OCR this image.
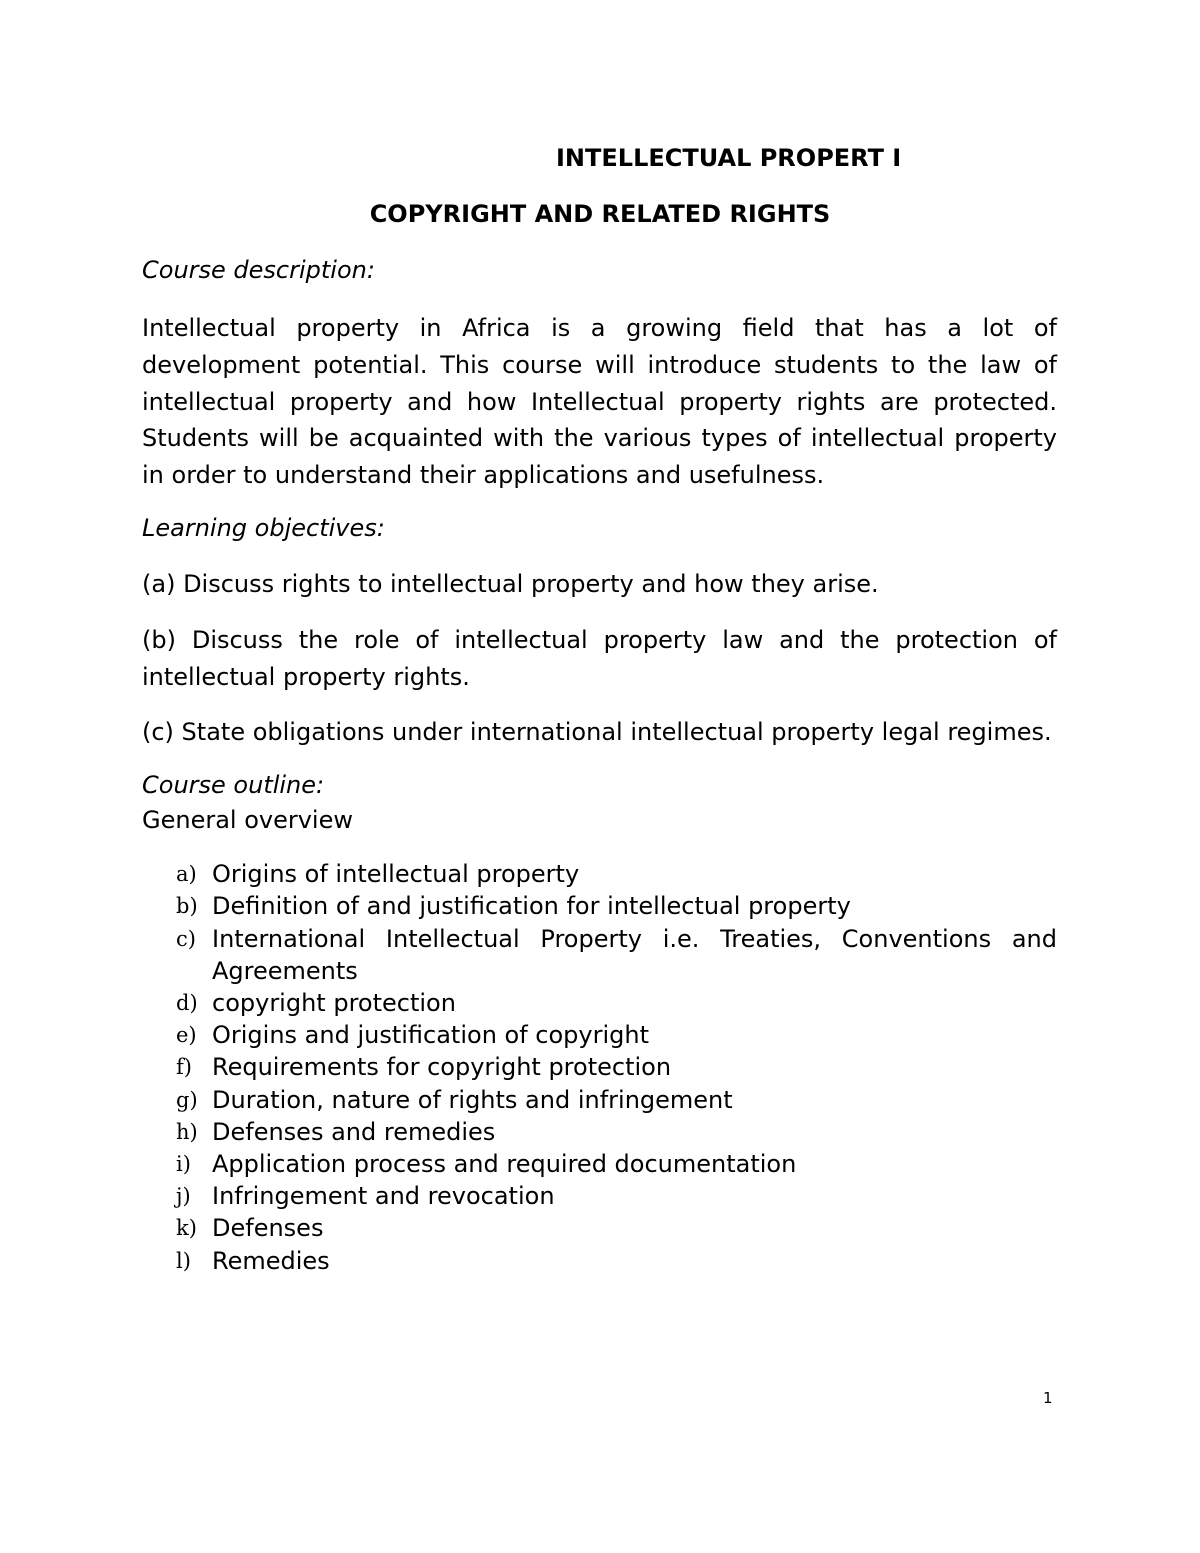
INTELLECTUAL PROPERT I
COPYRIGHT AND RELATED RIGHTS

Course description:

Intellectual property in Africa is a growing field that has a lot of development potential. This course will introduce students to the law of intellectual property and how Intellectual property rights are protected. Students will be acquainted with the various types of intellectual property in order to understand their applications and usefulness.

Learning objectives:

(a) Discuss rights to intellectual property and how they arise.

(b) Discuss the role of intellectual property law and the protection of intellectual property rights.

(c) State obligations under international intellectual property legal regimes.

Course outline:

General overview

a) Origins of intellectual property
b) Definition of and justification for intellectual property
c) International Intellectual Property i.e. Treaties, Conventions and Agreements
d) copyright protection
e) Origins and justification of copyright
f) Requirements for copyright protection
g) Duration, nature of rights and infringement
h) Defenses and remedies
i) Application process and required documentation
j) Infringement and revocation
k) Defenses
l) Remedies
1
